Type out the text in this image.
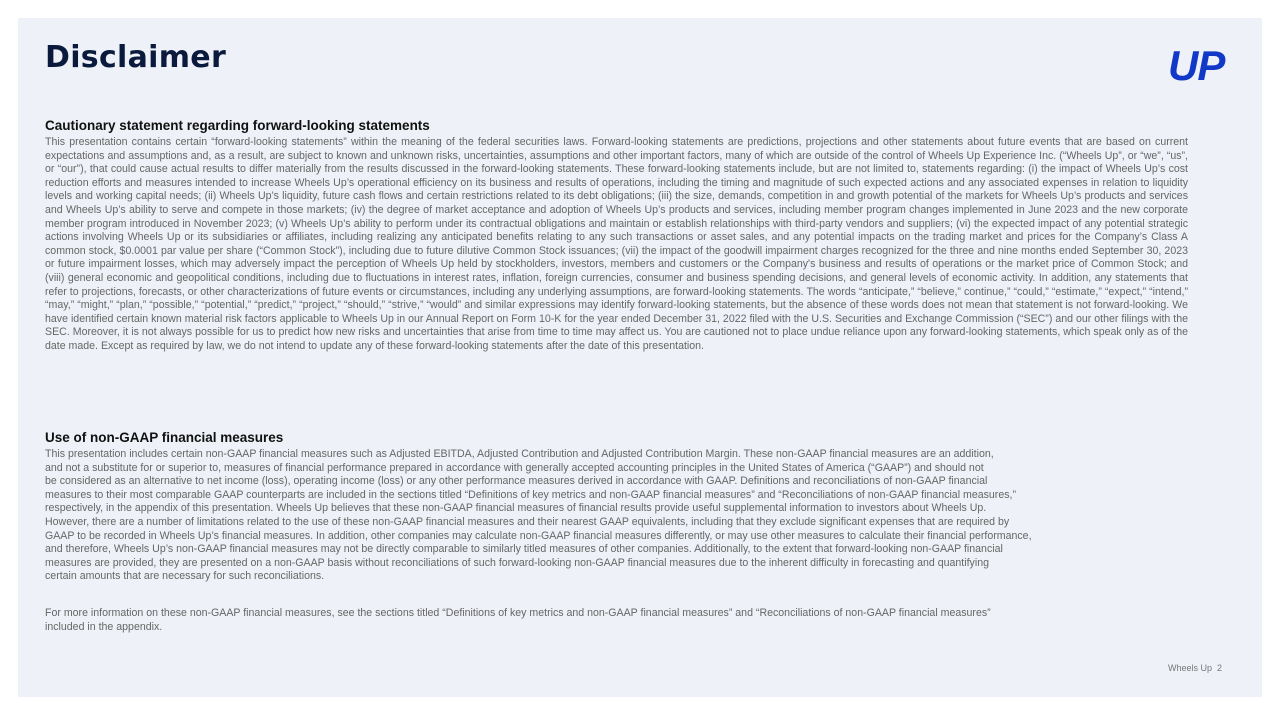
Disclaimer	UP
Cautionary statement regarding forward-looking statements
This presentation contains certain “forward-looking statements” within the meaning of the federal securities laws. Forward-looking statements are predictions, projections and other statements about future events that are based on current expectations and assumptions and, as a result, are subject to known and unknown risks, uncertainties, assumptions and other important factors, many of which are outside of the control of Wheels Up Experience Inc. (“Wheels Up”, or “we”, “us”, or “our”), that could cause actual results to differ materially from the results discussed in the forward-looking statements. These forward-looking statements include, but are not limited to, statements regarding: (i) the impact of Wheels Up’s cost reduction efforts and measures intended to increase Wheels Up’s operational efficiency on its business and results of operations, including the timing and magnitude of such expected actions and any associated expenses in relation to liquidity levels and working capital needs; (ii) Wheels Up’s liquidity, future cash flows and certain restrictions related to its debt obligations; (iii) the size, demands, competition in and growth potential of the markets for Wheels Up’s products and services and Wheels Up’s ability to serve and compete in those markets; (iv) the degree of market acceptance and adoption of Wheels Up’s products and services, including member program changes implemented in June 2023 and the new corporate member program introduced in November 2023; (v) Wheels Up’s ability to perform under its contractual obligations and maintain or establish relationships with third-party vendors and suppliers; (vi) the expected impact of any potential strategic actions involving Wheels Up or its subsidiaries or affiliates, including realizing any anticipated benefits relating to any such transactions or asset sales, and any potential impacts on the trading market and prices for the Company’s Class A common stock, $0.0001 par value per share (“Common Stock”), including due to future dilutive Common Stock issuances; (vii) the impact of the goodwill impairment charges recognized for the three and nine months ended September 30, 2023 or future impairment losses, which may adversely impact the perception of Wheels Up held by stockholders, investors, members and customers or the Company's business and results of operations or the market price of Common Stock; and (viii) general economic and geopolitical conditions, including due to fluctuations in interest rates, inflation, foreign currencies, consumer and business spending decisions, and general levels of economic activity. In addition, any statements that refer to projections, forecasts, or other characterizations of future events or circumstances, including any underlying assumptions, are forward-looking statements. The words “anticipate,” “believe,” continue,” “could,” “estimate,” “expect,” “intend,” “may,” “might,” “plan,” “possible,” “potential,” “predict,” “project,” “should,” “strive,” “would” and similar expressions may identify forward-looking statements, but the absence of these words does not mean that statement is not forward-looking. We have identified certain known material risk factors applicable to Wheels Up in our Annual Report on Form 10-K for the year ended December 31, 2022 filed with the U.S. Securities and Exchange Commission (“SEC”) and our other filings with the SEC. Moreover, it is not always possible for us to predict how new risks and uncertainties that arise from time to time may affect us. You are cautioned not to place undue reliance upon any forward-looking statements, which speak only as of the date made. Except as required by law, we do not intend to update any of these forward-looking statements after the date of this presentation.
Use of non-GAAP financial measures
This presentation includes certain non-GAAP financial measures such as Adjusted EBITDA, Adjusted Contribution and Adjusted Contribution Margin. These non-GAAP financial measures are an addition,
and not a substitute for or superior to, measures of financial performance prepared in accordance with generally accepted accounting principles in the United States of America (“GAAP”) and should not
be considered as an alternative to net income (loss), operating income (loss) or any other performance measures derived in accordance with GAAP. Definitions and reconciliations of non-GAAP financial
measures to their most comparable GAAP counterparts are included in the sections titled “Definitions of key metrics and non-GAAP financial measures” and “Reconciliations of non-GAAP financial measures,”
respectively, in the appendix of this presentation. Wheels Up believes that these non-GAAP financial measures of financial results provide useful supplemental information to investors about Wheels Up.
However, there are a number of limitations related to the use of these non-GAAP financial measures and their nearest GAAP equivalents, including that they exclude significant expenses that are required by
GAAP to be recorded in Wheels Up’s financial measures. In addition, other companies may calculate non-GAAP financial measures differently, or may use other measures to calculate their financial performance,
and therefore, Wheels Up’s non-GAAP financial measures may not be directly comparable to similarly titled measures of other companies. Additionally, to the extent that forward-looking non-GAAP financial
measures are provided, they are presented on a non-GAAP basis without reconciliations of such forward-looking non-GAAP financial measures due to the inherent difficulty in forecasting and quantifying
certain amounts that are necessary for such reconciliations.
For more information on these non-GAAP financial measures, see the sections titled “Definitions of key metrics and non-GAAP financial measures” and “Reconciliations of non-GAAP financial measures”
included in the appendix.
Wheels Up 2
